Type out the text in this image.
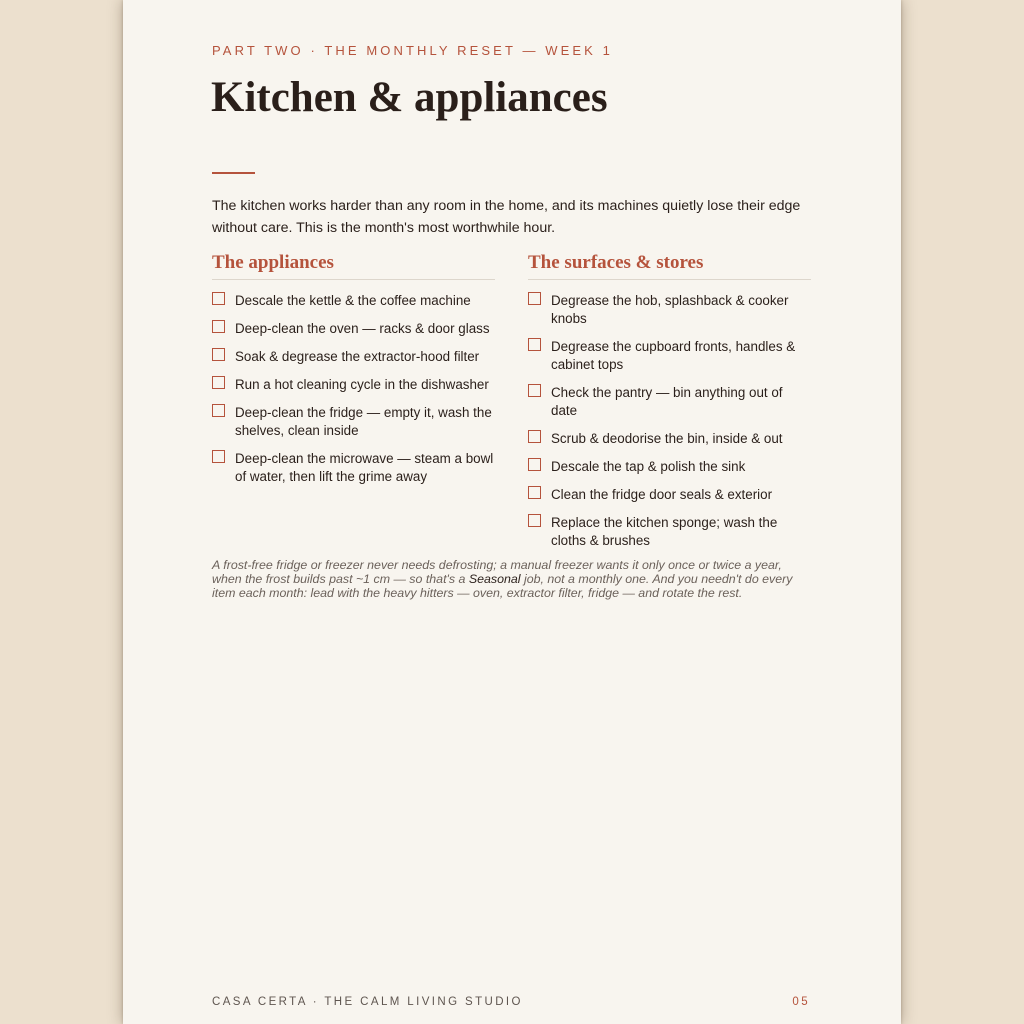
PART TWO · THE MONTHLY RESET — WEEK 1
Kitchen & appliances

The kitchen works harder than any room in the home, and its machines quietly lose their edge without care. This is the month's most worthwhile hour.

The appliances
Descale the kettle & the coffee machine
Deep-clean the oven — racks & door glass
Soak & degrease the extractor-hood filter
Run a hot cleaning cycle in the dishwasher
Deep-clean the fridge — empty it, wash the shelves, clean inside
Deep-clean the microwave — steam a bowl of water, then lift the grime away
The surfaces & stores
Degrease the hob, splashback & cooker knobs
Degrease the cupboard fronts, handles & cabinet tops
Check the pantry — bin anything out of date
Scrub & deodorise the bin, inside & out
Descale the tap & polish the sink
Clean the fridge door seals & exterior
Replace the kitchen sponge; wash the cloths & brushes

A frost-free fridge or freezer never needs defrosting; a manual freezer wants it only once or twice a year, when the frost builds past ~1 cm — so that's a Seasonal job, not a monthly one. And you needn't do every item each month: lead with the heavy hitters — oven, extractor filter, fridge — and rotate the rest.

CASA CERTA · THE CALM LIVING STUDIO	05
